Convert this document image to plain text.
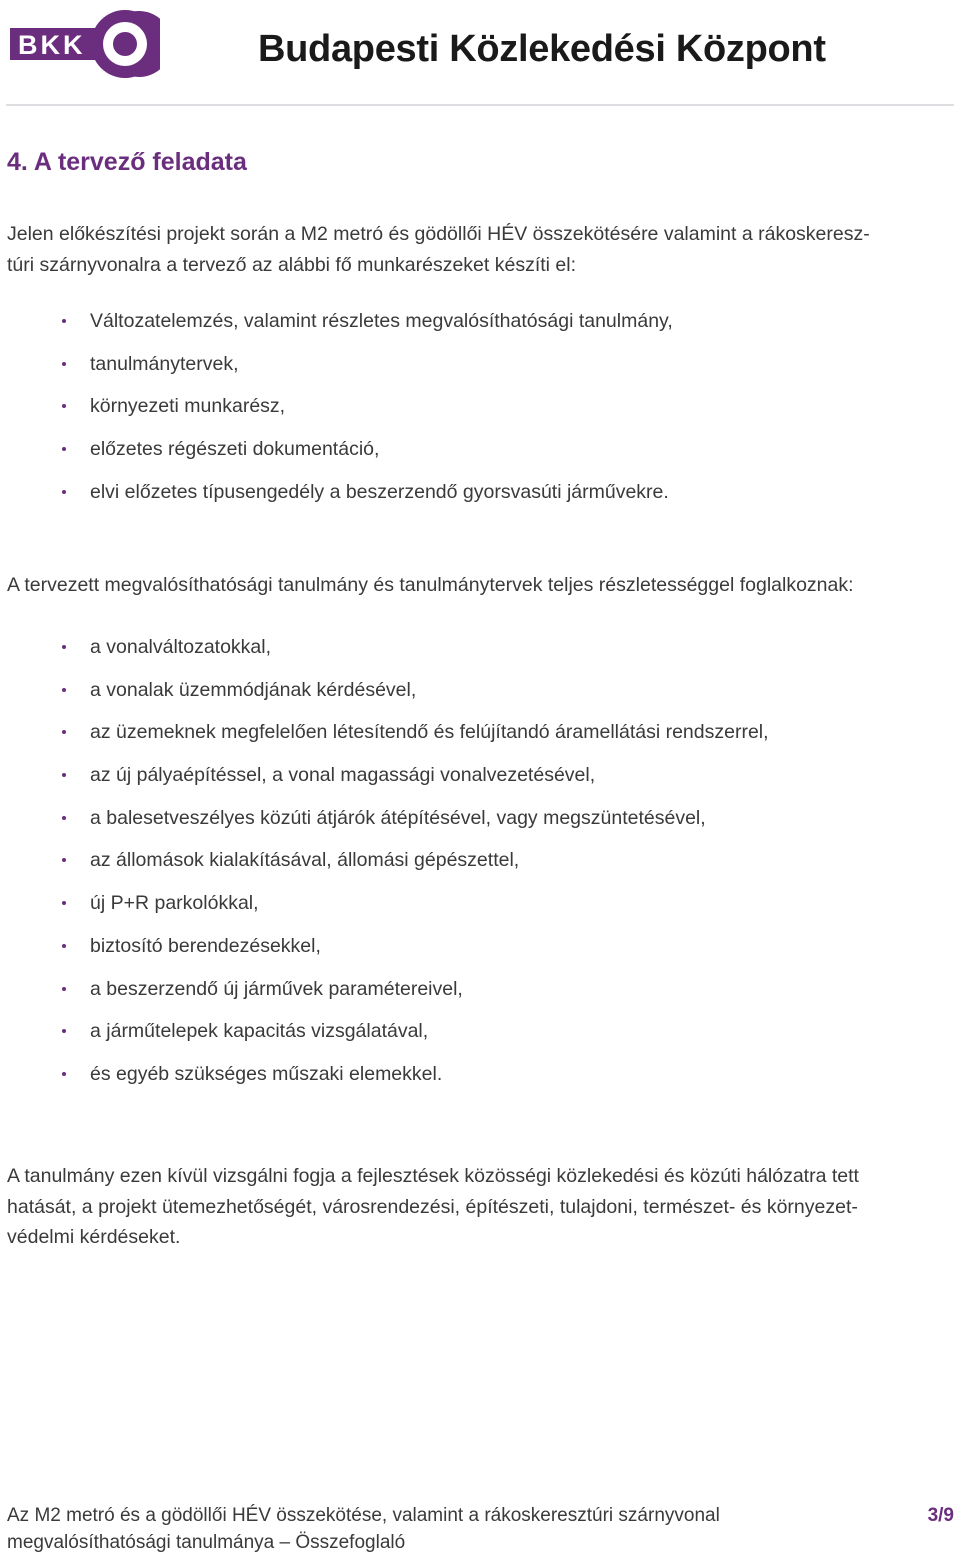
BKK	Budapesti Közlekedési Központ
4. A tervező feladata
Jelen előkészítési projekt során a M2 metró és gödöllői HÉV összekötésére valamint a rákoskeresz-
túri szárnyvonalra a tervező az alábbi fő munkarészeket készíti el:
Változatelemzés, valamint részletes megvalósíthatósági tanulmány,
tanulmánytervek,
környezeti munkarész,
előzetes régészeti dokumentáció,
elvi előzetes típusengedély a beszerzendő gyorsvasúti járművekre.
A tervezett megvalósíthatósági tanulmány és tanulmánytervek teljes részletességgel foglalkoznak:
a vonalváltozatokkal,
a vonalak üzemmódjának kérdésével,
az üzemeknek megfelelően létesítendő és felújítandó áramellátási rendszerrel,
az új pályaépítéssel, a vonal magassági vonalvezetésével,
a balesetveszélyes közúti átjárók átépítésével, vagy megszüntetésével,
az állomások kialakításával, állomási gépészettel,
új P+R parkolókkal,
biztosító berendezésekkel,
a beszerzendő új járművek paramétereivel,
a járműtelepek kapacitás vizsgálatával,
és egyéb szükséges műszaki elemekkel.
A tanulmány ezen kívül vizsgálni fogja a fejlesztések közösségi közlekedési és közúti hálózatra tett
hatását, a projekt ütemezhetőségét, városrendezési, építészeti, tulajdoni, természet- és környezet-
védelmi kérdéseket.
Az M2 metró és a gödöllői HÉV összekötése, valamint a rákoskeresztúri szárnyvonal
megvalósíthatósági tanulmánya – Összefoglaló
3/9
